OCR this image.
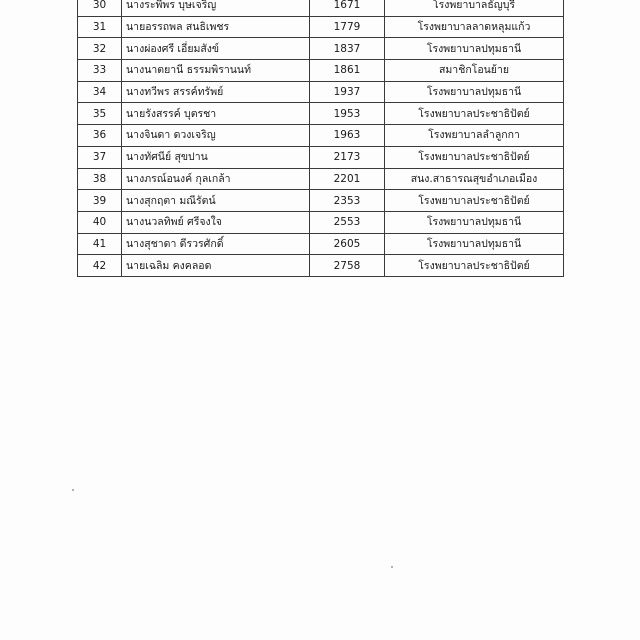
30	นางระพีพร บุษเจริญ	1671	โรงพยาบาลธัญบุรี
31	นายอรรถพล สนธิเพชร	1779	โรงพยาบาลลาดหลุมแก้ว
32	นางผ่องศรี เอี่ยมสังข์	1837	โรงพยาบาลปทุมธานี
33	นางนาตยานี ธรรมพิรานนท์	1861	สมาชิกโอนย้าย
34	นางทวีพร สรรค์ทรัพย์	1937	โรงพยาบาลปทุมธานี
35	นายรังสรรค์ บุตรชา	1953	โรงพยาบาลประชาธิปัตย์
36	นางจินดา ดวงเจริญ	1963	โรงพยาบาลลำลูกกา
37	นางทัศนีย์ สุขปาน	2173	โรงพยาบาลประชาธิปัตย์
38	นางภรณ์อนงค์ กุลเกล้า	2201	สนง.สาธารณสุขอำเภอเมือง
39	นางสุกฤตา มณีรัตน์	2353	โรงพยาบาลประชาธิปัตย์
40	นางนวลทิพย์ ศรีจงใจ	2553	โรงพยาบาลปทุมธานี
41	นางสุชาดา ดีรวรศักดิ์	2605	โรงพยาบาลปทุมธานี
42	นายเฉลิม คงคลอด	2758	โรงพยาบาลประชาธิปัตย์
